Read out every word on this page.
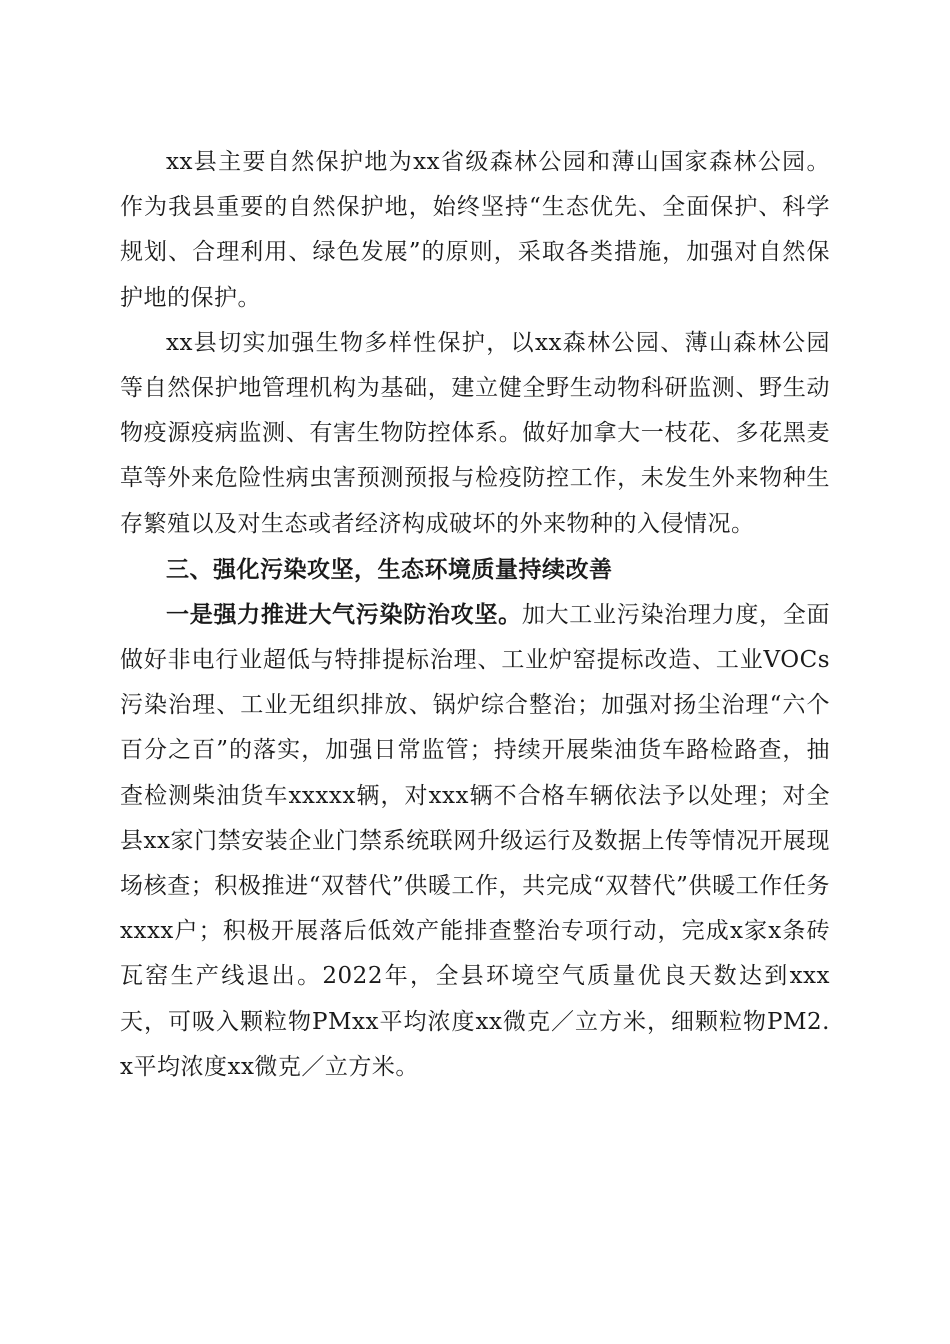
xx县主要自然保护地为xx省级森林公园和薄山国家森林公园。作为我县重要的自然保护地，始终坚持“生态优先、全面保护、科学规划、合理利用、绿色发展”的原则，采取各类措施，加强对自然保护地的保护。

xx县切实加强生物多样性保护，以xx森林公园、薄山森林公园等自然保护地管理机构为基础，建立健全野生动物科研监测、野生动物疫源疫病监测、有害生物防控体系。做好加拿大一枝花、多花黑麦草等外来危险性病虫害预测预报与检疫防控工作，未发生外来物种生存繁殖以及对生态或者经济构成破坏的外来物种的入侵情况。

三、强化污染攻坚，生态环境质量持续改善

一是强力推进大气污染防治攻坚。加大工业污染治理力度，全面做好非电行业超低与特排提标治理、工业炉窑提标改造、工业VOCs污染治理、工业无组织排放、锅炉综合整治；加强对扬尘治理“六个百分之百”的落实，加强日常监管；持续开展柴油货车路检路查，抽查检测柴油货车xxxxx辆，对xxx辆不合格车辆依法予以处理；对全县xx家门禁安装企业门禁系统联网升级运行及数据上传等情况开展现场核查；积极推进“双替代”供暖工作，共完成“双替代”供暖工作任务xxxx户；积极开展落后低效产能排查整治专项行动，完成x家x条砖瓦窑生产线退出。2022年，全县环境空气质量优良天数达到xxx天，可吸入颗粒物PMxx平均浓度xx微克／立方米，细颗粒物PM2.x平均浓度xx微克／立方米。
